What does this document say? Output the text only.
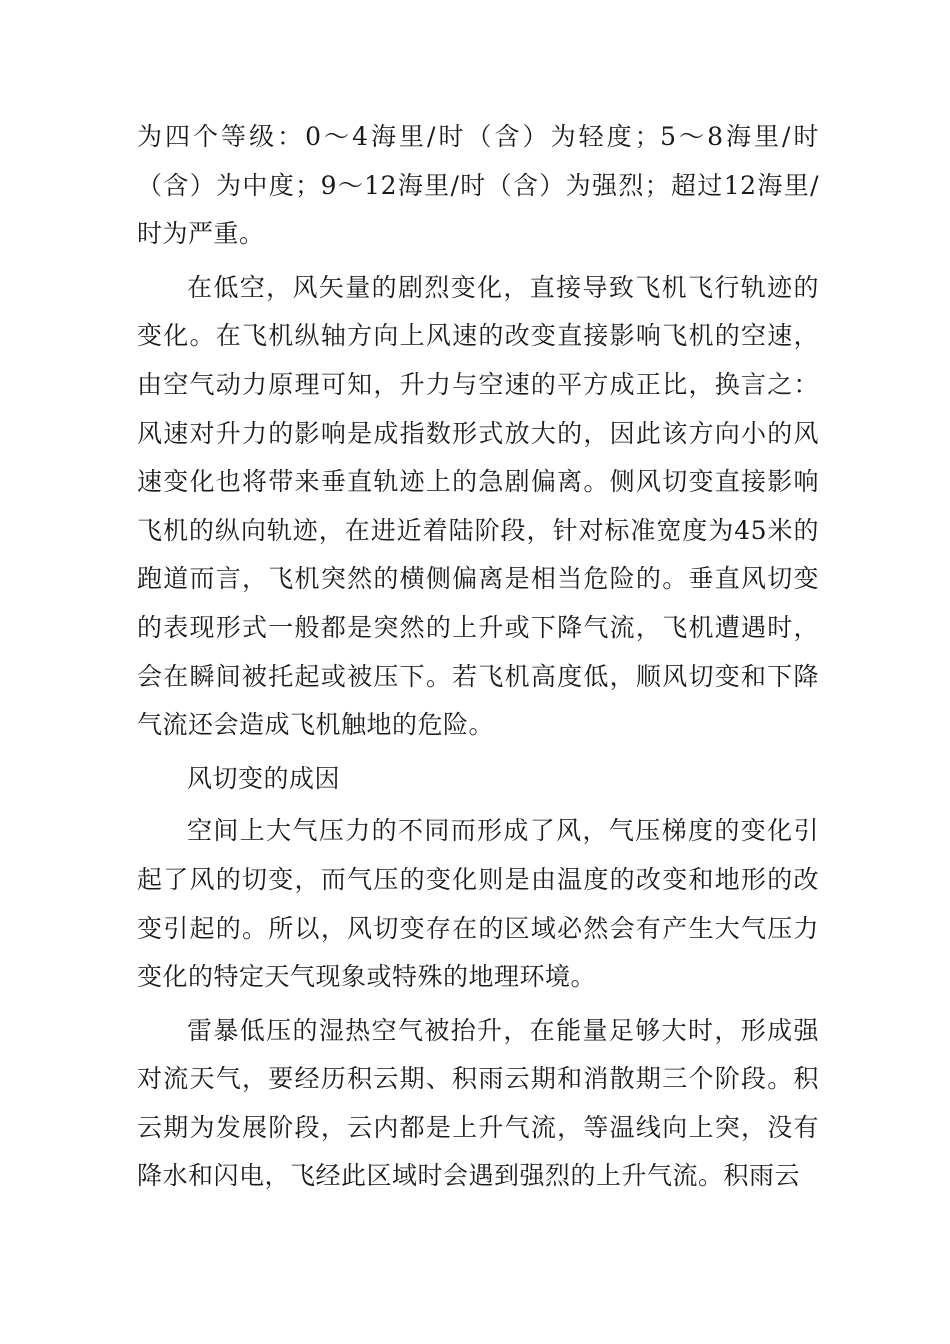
为四个等级：0～4海里/时（含）为轻度；5～8海里/时（含）为中度；9～12海里/时（含）为强烈；超过12海里/时为严重。

在低空，风矢量的剧烈变化，直接导致飞机飞行轨迹的变化。在飞机纵轴方向上风速的改变直接影响飞机的空速，由空气动力原理可知，升力与空速的平方成正比，换言之：风速对升力的影响是成指数形式放大的，因此该方向小的风速变化也将带来垂直轨迹上的急剧偏离。侧风切变直接影响飞机的纵向轨迹，在进近着陆阶段，针对标准宽度为45米的跑道而言，飞机突然的横侧偏离是相当危险的。垂直风切变的表现形式一般都是突然的上升或下降气流，飞机遭遇时，会在瞬间被托起或被压下。若飞机高度低，顺风切变和下降气流还会造成飞机触地的危险。

风切变的成因

空间上大气压力的不同而形成了风，气压梯度的变化引起了风的切变，而气压的变化则是由温度的改变和地形的改变引起的。所以，风切变存在的区域必然会有产生大气压力变化的特定天气现象或特殊的地理环境。

雷暴低压的湿热空气被抬升，在能量足够大时，形成强对流天气，要经历积云期、积雨云期和消散期三个阶段。积云期为发展阶段，云内都是上升气流，等温线向上突，没有降水和闪电，飞经此区域时会遇到强烈的上升气流。积雨云
